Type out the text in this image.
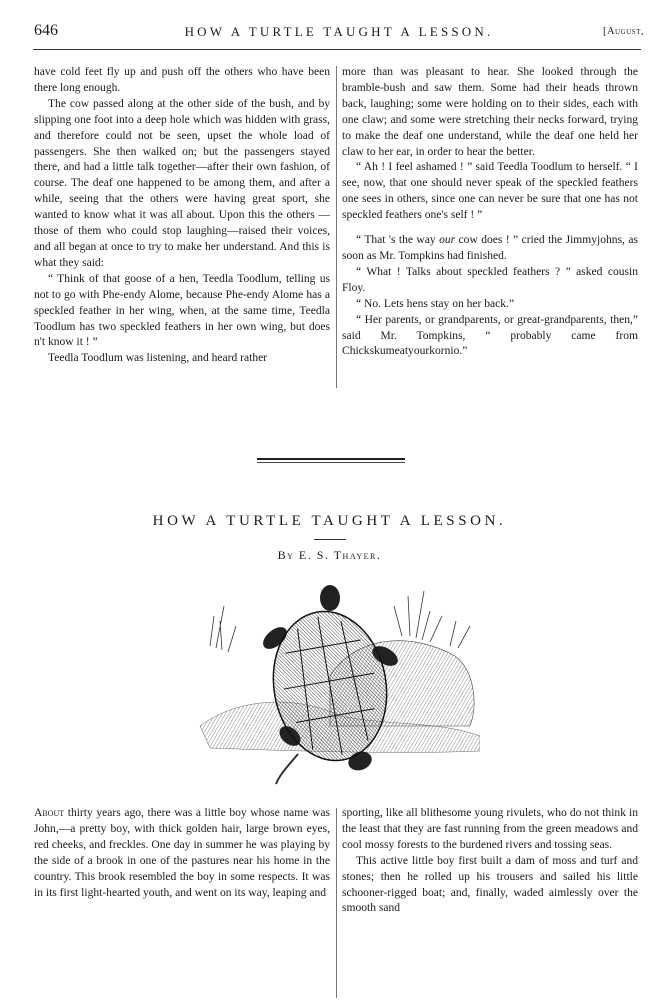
646	HOW A TURTLE TAUGHT A LESSON.	[August,

have cold feet fly up and push off the others who have been there long enough.

The cow passed along at the other side of the bush, and by slipping one foot into a deep hole which was hidden with grass, and therefore could not be seen, upset the whole load of passengers. She then walked on; but the passengers stayed there, and had a little talk together—after their own fashion, of course. The deaf one happened to be among them, and after a while, seeing that the others were having great sport, she wanted to know what it was all about. Upon this the others —those of them who could stop laughing—raised their voices, and all began at once to try to make her understand. And this is what they said:

“ Think of that goose of a hen, Teedla Toodlum, telling us not to go with Phe-endy Alome, because Phe-endy Alome has a speckled feather in her wing, when, at the same time, Teedla Toodlum has two speckled feathers in her own wing, but does n't know it ! ”

Teedla Toodlum was listening, and heard rather

more than was pleasant to hear. She looked through the bramble-bush and saw them. Some had their heads thrown back, laughing; some were holding on to their sides, each with one claw; and some were stretching their necks forward, trying to make the deaf one understand, while the deaf one held her claw to her ear, in order to hear the better.

“ Ah ! I feel ashamed ! ” said Teedla Toodlum to herself. “ I see, now, that one should never speak of the speckled feathers one sees in others, since one can never be sure that one has not speckled feathers one's self ! ”

“ That 's the way our cow does ! ” cried the Jimmyjohns, as soon as Mr. Tompkins had finished.

“ What ! Talks about speckled feathers ? ” asked cousin Floy.

“ No. Lets hens stay on her back.”

“ Her parents, or grandparents, or great-grandparents, then,” said Mr. Tompkins, “ probably came from Chickskumeatyourkornio.”

HOW A TURTLE TAUGHT A LESSON.
By E. S. Thayer.

About thirty years ago, there was a little boy whose name was John,—a pretty boy, with thick golden hair, large brown eyes, red cheeks, and freckles. One day in summer he was playing by the side of a brook in one of the pastures near his home in the country. This brook resembled the boy in some respects. It was in its first light-hearted youth, and went on its way, leaping and

sporting, like all blithesome young rivulets, who do not think in the least that they are fast running from the green meadows and cool mossy forests to the burdened rivers and tossing seas.

This active little boy first built a dam of moss and turf and stones; then he rolled up his trousers and sailed his little schooner-rigged boat; and, finally, waded aimlessly over the smooth sand
